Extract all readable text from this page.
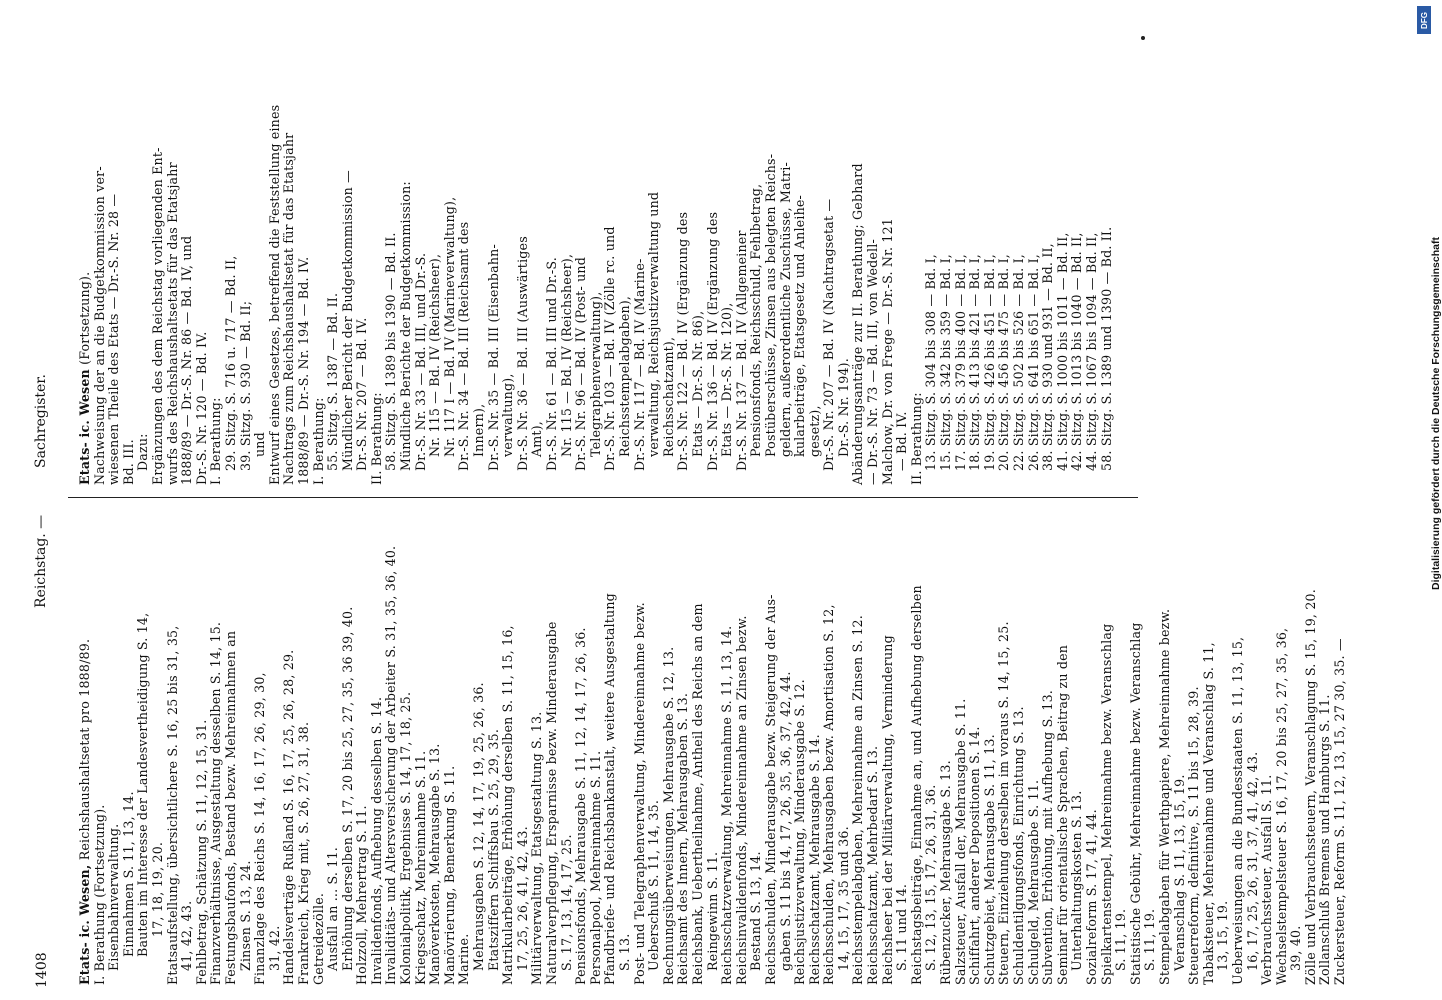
1408
Reichstag. —
Sachregister.
Etats- ic. Wesen, Reichshaushaltsetat pro 1888/89.
I. Berathung (Fortsetzung). Eisenbahnverwaltung. Einnahmen S. 11, 13, 14. Bauten im Interesse der Landesvertheidigung S. 14, 17, 18, 19, 20. Etatsaufstellung, übersichtlichere S. 16, 25 bis 31, 35, 41, 42, 43. Fehlbetrag, Schätzung S. 11, 12, 15, 31. Finanzverhältnisse, Ausgestaltung desselben S. 14, 15. Festungsbaufonds, Bestand bezw. Mehreinnahmen an Zinsen S. 13, 24. Finanzlage des Reichs S. 14, 16, 17, 26, 29, 30, 31, 42. Handelsverträge Rußland S. 16, 17, 25, 26, 28, 29. Frankreich, Krieg mit, S. 26, 27, 31, 38. Getreidezölle. Ausfall an ... S. 11. Erhöhung derselben S. 17, 20 bis 25, 27, 35, 36 39, 40. Holzzoll, Mehrertrag S. 11. Invalidenfonds, Aufhebung desselben S. 14. Invaliditäts- und Altersversicherung der Arbeiter S. 31, 35, 36, 40. Kolonialpolitik, Ergebnisse S. 14, 17, 18, 25. Kriegsschatz, Mehreinnahme S. 11. Manöverkosten, Mehrausgabe S. 13. Manövrierung, Bemerkung S. 11. Marine. Mehrausgaben S. 12, 14, 17, 19, 25, 26, 36. Etatsziffern Schiffsbau S. 25, 29, 35. Matrikularbeiträge, Erhöhung derselben S. 11, 15, 16, 17, 25, 26, 41, 42, 43. Militärverwaltung, Etatsgestaltung S. 13. Naturalverpflegung, Ersparnisse bezw. Minderausgabe S. 17, 13, 14, 17, 25. Pensionsfonds, Mehrausgabe S. 11, 12, 14, 17, 26, 36. Personalpool, Mehreinnahme S. 11. Pfandbriefe- und Reichsbankanstalt, weitere Ausgestaltung S. 13. Post- und Telegraphenverwaltung, Mindereinnahme bezw. Ueberschuß S. 11, 14, 35. Rechnungsüberweisungen, Mehrausgabe S. 12, 13. Reichsamt des Innern, Mehrausgaben S. 13. Reichsbank, Uebertheilnahme, Antheil des Reichs an dem Reingewinn S. 11. Reichsschatzverwaltung, Mehreinnahme S. 11, 13, 14. Reichsinvalidenfonds, Mindereinnahme an Zinsen bezw. Bestand S. 13, 14. Reichsschulden, Minderausgabe bezw. Steigerung der Aus- gaben S. 11 bis 14, 17, 26, 35, 36, 37, 42, 44. Reichsjustizverwaltung, Minderausgabe S. 12. Reichsschatzamt, Mehrausgabe S. 14. Reichsschulden, Mehrausgaben bezw. Amortisation S. 12, 14, 15, 17, 35 und 36. Reichsstempelabgaben, Mehreinnahme an Zinsen S. 12. Reichsschatzamt, Mehrbedarf S. 13. Reichsheer bei der Militärverwaltung, Verminderung S. 11 und 14. Reichstagsbeiträge, Einnahme an, und Aufhebung derselben S. 12, 13, 15, 17, 26, 31, 36. Rübenzucker, Mehrausgabe S. 13. Salzsteuer, Ausfall der, Mehrausgabe S. 11. Schiffahrt, anderer Depositionen S. 14. Schutzgebiet, Mehrausgabe S. 11, 13. Steuern, Einziehung derselben im voraus S. 14, 15, 25. Schuldentilgungsfonds, Einrichtung S. 13. Schulgeld, Mehrausgabe S. 11. Subvention, Erhöhung, mit Aufhebung S. 13. Seminar für orientalische Sprachen, Beitrag zu den Unterhaltungskosten S. 13. Sozialreform S. 17, 41, 44. Spielkartenstempel, Mehreinnahme bezw. Veranschlag S. 11, 19. Statistische Gebühr, Mehreinnahme bezw. Veranschlag S. 11, 19. Stempelabgaben für Werthpapiere, Mehreinnahme bezw. Veranschlag S. 11, 13, 15, 19. Steuerreform, definitive, S. 11 bis 15, 28, 39. Tabaksteuer, Mehreinnahme und Veranschlag S. 11, 13, 15, 19. Ueberweisungen an die Bundesstaaten S. 11, 13, 15, 16, 17, 25, 26, 31, 37, 41, 42, 43. Verbrauchssteuer, Ausfall S. 11. Wechselstempelsteuer S. 16, 17, 20 bis 25, 27, 35, 36, 39, 40. Zölle und Verbrauchssteuern, Veranschlagung S. 15, 19, 20. Zollanschluß Bremens und Hamburgs S. 11. Zuckersteuer, Reform S. 11, 12, 13, 15, 27 30, 35. —
Etats- ic. Wesen (Fortsetzung). Nachweisung der an die Budgetkommission ver- wiesenen Theile des Etats — Dr.-S. Nr. 28 — Bd. III. Dazu: Ergänzungen des dem Reichstag vorliegenden Ent- wurfs des Reichshaushaltsetats für das Etatsjahr 1888/89 — Dr.-S. Nr. 86 — Bd. IV, und Dr.-S. Nr. 120 — Bd. IV. I. Berathung: 29. Sitzg. S. 716 u. 717 — Bd. II, 39. Sitzg. S. 930 — Bd. II; und Entwurf eines Gesetzes, betreffend die Feststellung eines Nachtrags zum Reichshaushaltsetat für das Etatsjahr 1888/89 — Dr.-S. Nr. 194 — Bd. IV. I. Berathung: 55. Sitzg. S. 1387 — Bd. II. Mündlicher Bericht der Budgetkommission — Dr.-S. Nr. 207 — Bd. IV. II. Berathung: 58. Sitzg. S. 1389 bis 1390 — Bd. II. Mündliche Berichte der Budgetkommission: Dr.-S. Nr. 33 — Bd. III, und Dr.-S. Nr. 115 — Bd. IV (Reichsheer), Nr. 117 I — Bd. IV (Marineverwaltung), Dr.-S. Nr. 34 — Bd. III (Reichsamt des Innern), Dr.-S. Nr. 35 — Bd. III (Eisenbahn- verwaltung), Dr.-S. Nr. 36 — Bd. III (Auswärtiges Amt), Dr.-S. Nr. 61 — Bd. III und Dr.-S. Nr. 115 — Bd. IV (Reichsheer), Dr.-S. Nr. 96 — Bd. IV (Post- und Telegraphenverwaltung), Dr.-S. Nr. 103 — Bd. IV (Zölle rc. und Reichsstempelabgaben), Dr.-S. Nr. 117 — Bd. IV (Marine- verwaltung, Reichsjustizverwaltung und Reichsschatzamt), Dr.-S. Nr. 122 — Bd. IV (Ergänzung des Etats — Dr.-S. Nr. 86), Dr.-S. Nr. 136 — Bd. IV (Ergänzung des Etats — Dr.-S. Nr. 120), Dr.-S. Nr. 137 — Bd. IV (Allgemeiner Pensionsfonds, Reichsschuld, Fehlbetrag, Postüberschüsse, Zinsen aus belegten Reichs- geldern, außerordentliche Zuschüsse, Matri- kularbeiträge, Etatsgesetz und Anleihe- gesetz), Dr.-S. Nr. 207 — Bd. IV (Nachtragsetat — Dr.-S. Nr. 194). Abänderungsanträge zur II. Berathung; Gebhard — Dr.-S. Nr. 73 — Bd. III, von Wedell- Malchow, Dr. von Frege — Dr.-S. Nr. 121 — Bd. IV. II. Berathung: 13. Sitzg. S. 304 bis 308 — Bd. I, 15. Sitzg. S. 342 bis 359 — Bd. I, 17. Sitzg. S. 379 bis 400 — Bd. I, 18. Sitzg. S. 413 bis 421 — Bd. I, 19. Sitzg. S. 426 bis 451 — Bd. I, 20. Sitzg. S. 456 bis 475 — Bd. I, 22. Sitzg. S. 502 bis 526 — Bd. I, 26. Sitzg. S. 641 bis 651 — Bd. I, 38. Sitzg. S. 930 und 931 — Bd. II, 41. Sitzg. S. 1000 bis 1011 — Bd. II, 42. Sitzg. S. 1013 bis 1040 — Bd. II, 44. Sitzg. S. 1067 bis 1094 — Bd. II, 58. Sitzg. S. 1389 und 1390 — Bd. II.
DFG
Digitalisierung gefördert durch die Deutsche Forschungsgemeinschaft
